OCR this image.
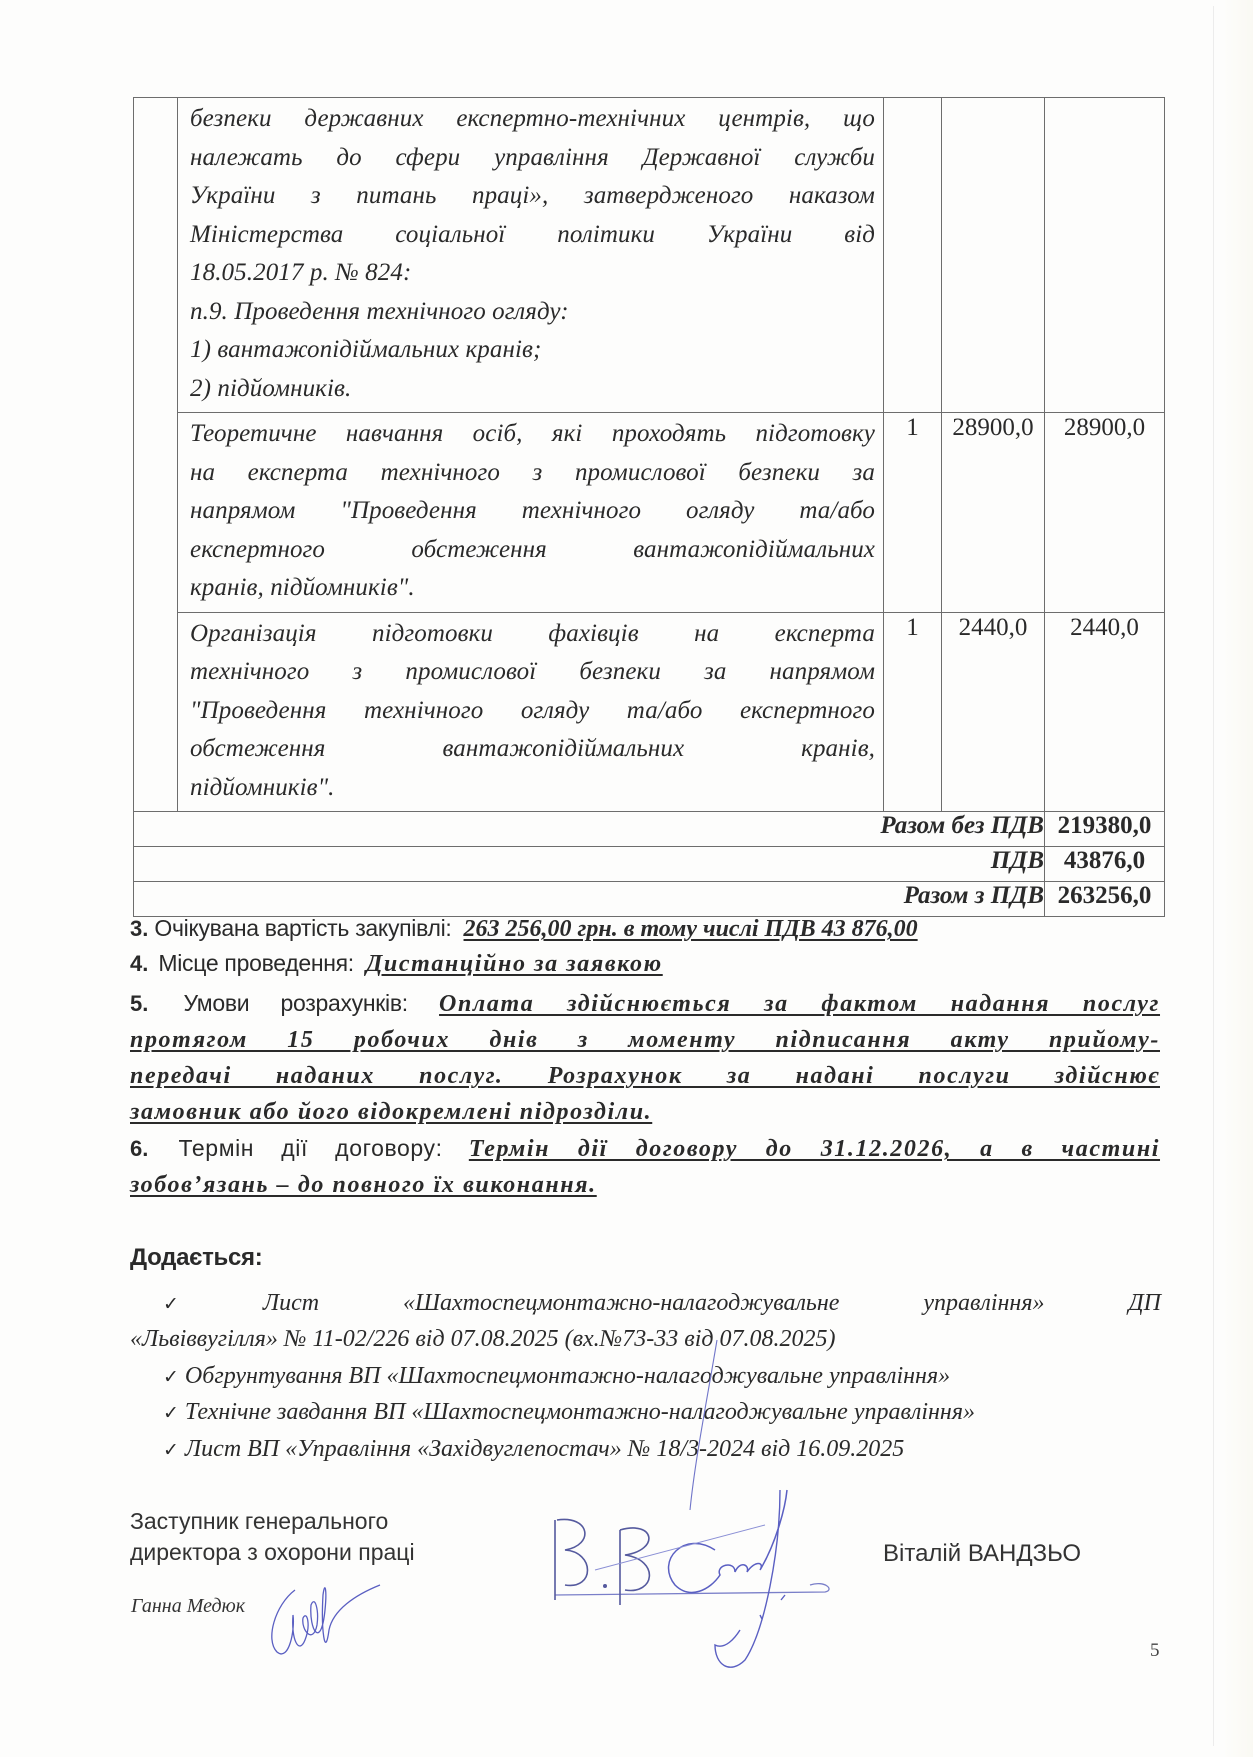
безпеки державних експертно-технічних центрів, що
належать до сфери управління Державної служби
України з питань праці», затвердженого наказом
Міністерства соціальної політики України від
18.05.2017 р. № 824:
п.9. Проведення технічного огляду:
1) вантажопідіймальних кранів;
2) підйомників.

	Теоретичне навчання осіб, які проходять підготовку
на експерта технічного з промислової безпеки за
напрямом "Проведення технічного огляду та/або
експертного обстеження вантажопідіймальних
кранів, підйомників".	1	28900,0	28900,0

	Організація підготовки фахівців на експерта
технічного з промислової безпеки за напрямом
"Проведення технічного огляду та/або експертного
обстеження вантажопідіймальних кранів,
підйомників".	1	2440,0	2440,0
Разом без ПДВ				219380,0
ПДВ				43876,0
Разом з ПДВ				263256,0
3. Очікувана вартість закупівлі: 263 256,00 грн. в тому числі ПДВ 43 876,00
4. Місце проведення: Дистанційно за заявкою
5. Умови розрахунків: Оплата здійснюється за фактом надання послуг
протягом 15 робочих днів з моменту підписання акту прийому-
передачі наданих послуг. Розрахунок за надані послуги здійснює
замовник або його відокремлені підрозділи.
6. Термін дії договору: Термін дії договору до 31.12.2026, а в частині
зобов’язань – до повного їх виконання.
Додається:
✓ Лист «Шахтоспецмонтажно-налагоджувальне управління» ДП
«Львіввугілля» № 11-02/226 від 07.08.2025 (вх.№73-33 від 07.08.2025)
✓ Обгрунтування ВП «Шахтоспецмонтажно-налагоджувальне управління»
✓ Технічне завдання ВП «Шахтоспецмонтажно-налагоджувальне управління»
✓ Лист ВП «Управління «Західвуглепостач» № 18/3-2024 від 16.09.2025
Заступник генерального
директора з охорони праці
Ганна Медюк
Віталій ВАНДЗЬО
5
